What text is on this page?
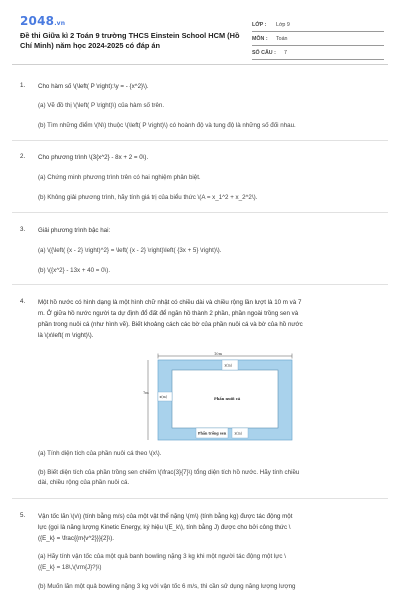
2048.vn
Đề thi Giữa kì 2 Toán 9 trường THCS Einstein School HCM (Hồ Chí Minh) năm học 2024-2025 có đáp án
LỚP : Lớp 9
MÔN : Toán
SỐ CÂU : 7
1. Cho hàm số \(\left( P \right):\y = - {x^2}\).
(a) Vẽ đồ thị \(\left( P \right)\) của hàm số trên.
(b) Tìm những điểm \(N\) thuộc \(\left( P \right)\) có hoành độ và tung độ là những số đối nhau.
2. Cho phương trình \(3{x^2} - 8x + 2 = 0\).
(a) Chứng minh phương trình trên có hai nghiệm phân biệt.
(b) Không giải phương trình, hãy tính giá trị của biểu thức \(A = x_1^2 + x_2^2\).
3. Giải phương trình bậc hai:
(a) \({\left( {x - 2} \right)^2} = \left( {x - 2} \right)\left( {3x + 5} \right)\).
(b) \({x^2} - 13x + 40 = 0\).
4. Một hồ nước có hình dạng là một hình chữ nhật có chiều dài và chiều rộng lần lượt là 10 m và 7
m. Ở giữa hồ nước người ta dự định đổ đất để ngăn hồ thành 2 phần, phần ngoài trồng sen và
phần trong nuôi cá (như hình vẽ). Biết khoảng cách các bờ của phần nuôi cá và bờ của hồ nước
là \(x\left( m \right)\).
10m
7m
x(m)
x(m)	Phần nuôi cá
Phần trồng sen	x(m)
(a) Tính diện tích của phần nuôi cá theo \(x\).
(b) Biết diện tích của phần trồng sen chiếm \(\frac{3}{7}\) tổng diện tích hồ nước. Hãy tính chiều
dài, chiều rộng của phần nuôi cá.
5. Vận tốc lăn \(v\) (tính bằng m/s) của một vật thể nặng \(m\) (tính bằng kg) được tác động một
lực (gọi là năng lượng Kinetic Energy, ký hiệu \(E_k\), tính bằng J) được cho bởi công thức \
({E_k} = \frac{{m{v^2}}}{2}\).
(a) Hãy tính vận tốc của một quả banh bowling nặng 3 kg khi một người tác động một lực \
({E_k} = 18\,\(\rm{J}?)\)
(b) Muốn lăn một quả bowling nặng 3 kg với vận tốc 6 m/s, thì cần sử dụng năng lượng lượng
